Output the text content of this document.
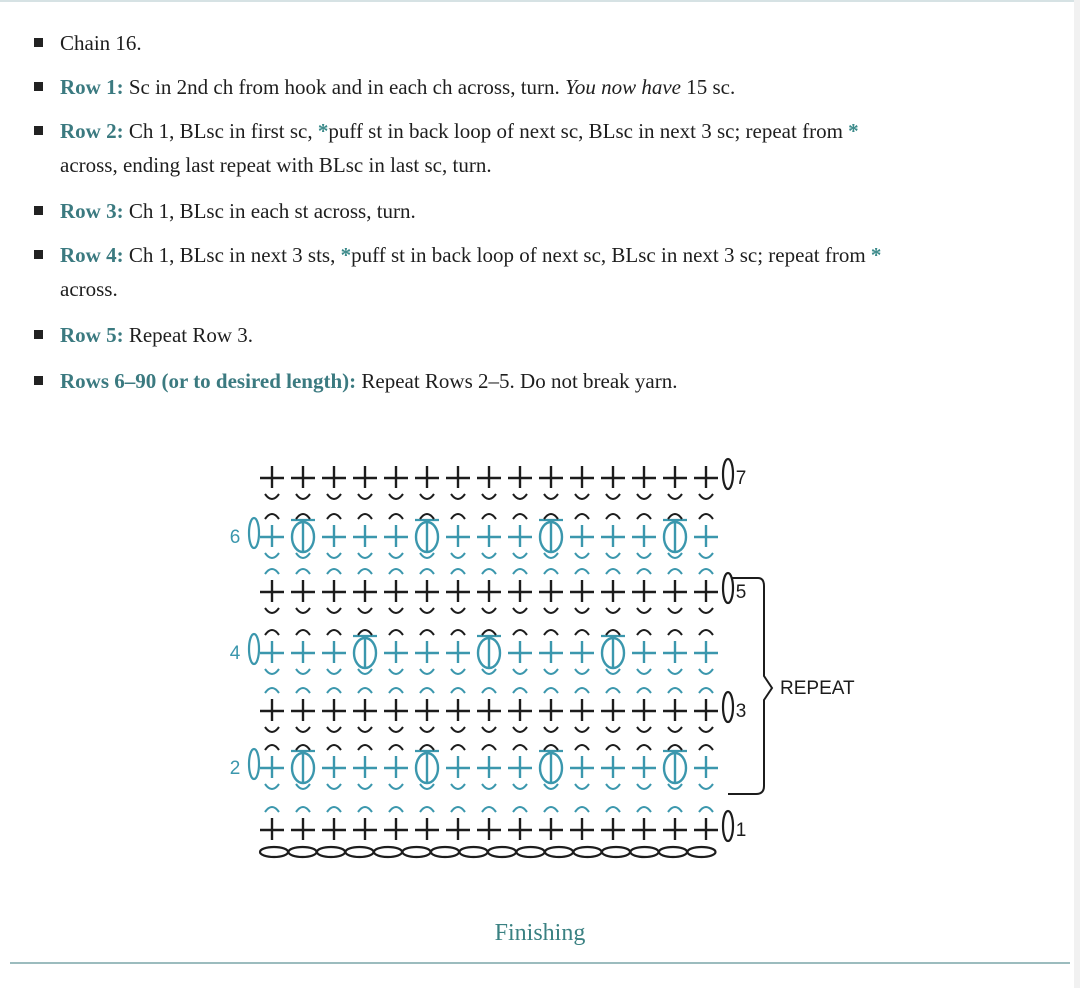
Chain 16.
Row 1: Sc in 2nd ch from hook and in each ch across, turn. You now have 15 sc.
Row 2: Ch 1, BLsc in first sc, *puff st in back loop of next sc, BLsc in next 3 sc; repeat from *
across, ending last repeat with BLsc in last sc, turn.
Row 3: Ch 1, BLsc in each st across, turn.
Row 4: Ch 1, BLsc in next 3 sts, *puff st in back loop of next sc, BLsc in next 3 sc; repeat from *
across.
Row 5: Repeat Row 3.
Rows 6–90 (or to desired length): Repeat Rows 2–5. Do not break yarn.
1
2
3
4
5
6
7
REPEAT
Finishing
